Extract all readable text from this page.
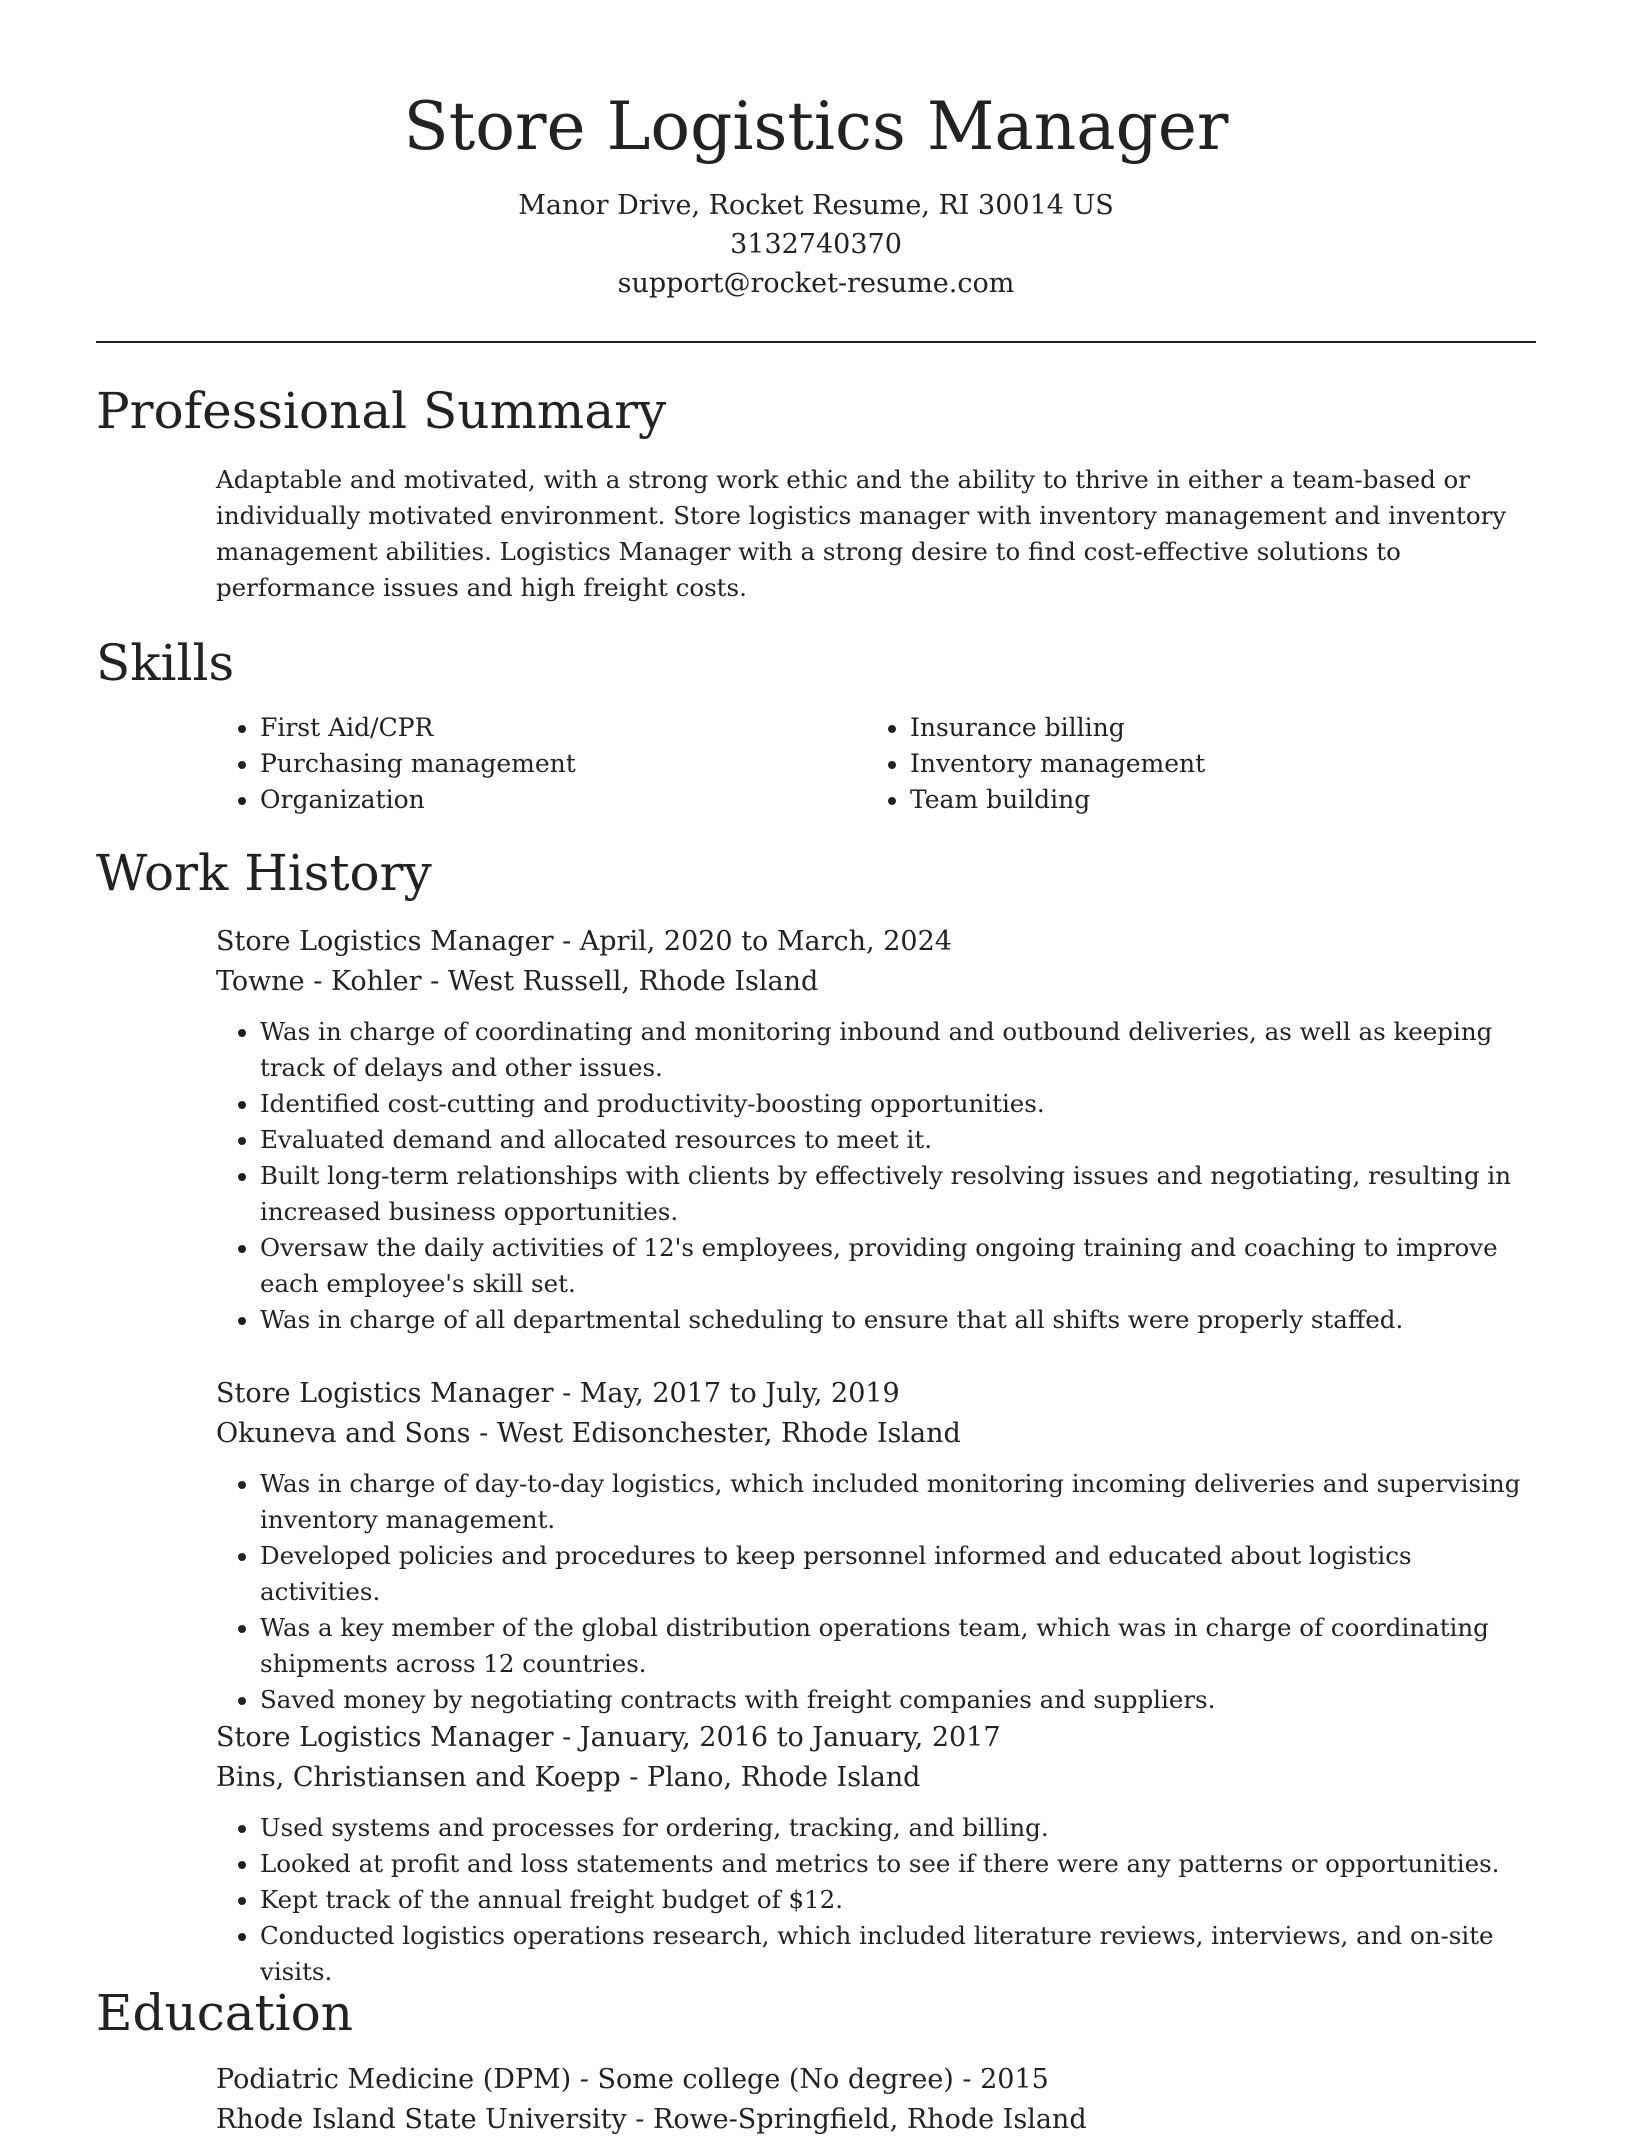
Store Logistics Manager

Manor Drive, Rocket Resume, RI 30014 US

3132740370

support@rocket-resume.com

Professional Summary

Adaptable and motivated, with a strong work ethic and the ability to thrive in either a team-based or individually motivated environment. Store logistics manager with inventory management and inventory management abilities. Logistics Manager with a strong desire to find cost-effective solutions to performance issues and high freight costs.

Skills
• First Aid/CPR
• Purchasing management
• Organization
• Insurance billing
• Inventory management
• Team building
Work History

Store Logistics Manager - April, 2020 to March, 2024

Towne - Kohler - West Russell, Rhode Island

• Was in charge of coordinating and monitoring inbound and outbound deliveries, as well as keeping track of delays and other issues.
• Identified cost-cutting and productivity-boosting opportunities.
• Evaluated demand and allocated resources to meet it.
• Built long-term relationships with clients by effectively resolving issues and negotiating, resulting in increased business opportunities.
• Oversaw the daily activities of 12's employees, providing ongoing training and coaching to improve each employee's skill set.
• Was in charge of all departmental scheduling to ensure that all shifts were properly staffed.

Store Logistics Manager - May, 2017 to July, 2019

Okuneva and Sons - West Edisonchester, Rhode Island

• Was in charge of day-to-day logistics, which included monitoring incoming deliveries and supervising inventory management.
• Developed policies and procedures to keep personnel informed and educated about logistics activities.
• Was a key member of the global distribution operations team, which was in charge of coordinating shipments across 12 countries.
• Saved money by negotiating contracts with freight companies and suppliers.

Store Logistics Manager - January, 2016 to January, 2017

Bins, Christiansen and Koepp - Plano, Rhode Island

• Used systems and processes for ordering, tracking, and billing.
• Looked at profit and loss statements and metrics to see if there were any patterns or opportunities.
• Kept track of the annual freight budget of $12.
• Conducted logistics operations research, which included literature reviews, interviews, and on-site visits.
Education

Podiatric Medicine (DPM) - Some college (No degree) - 2015

Rhode Island State University - Rowe-Springfield, Rhode Island
